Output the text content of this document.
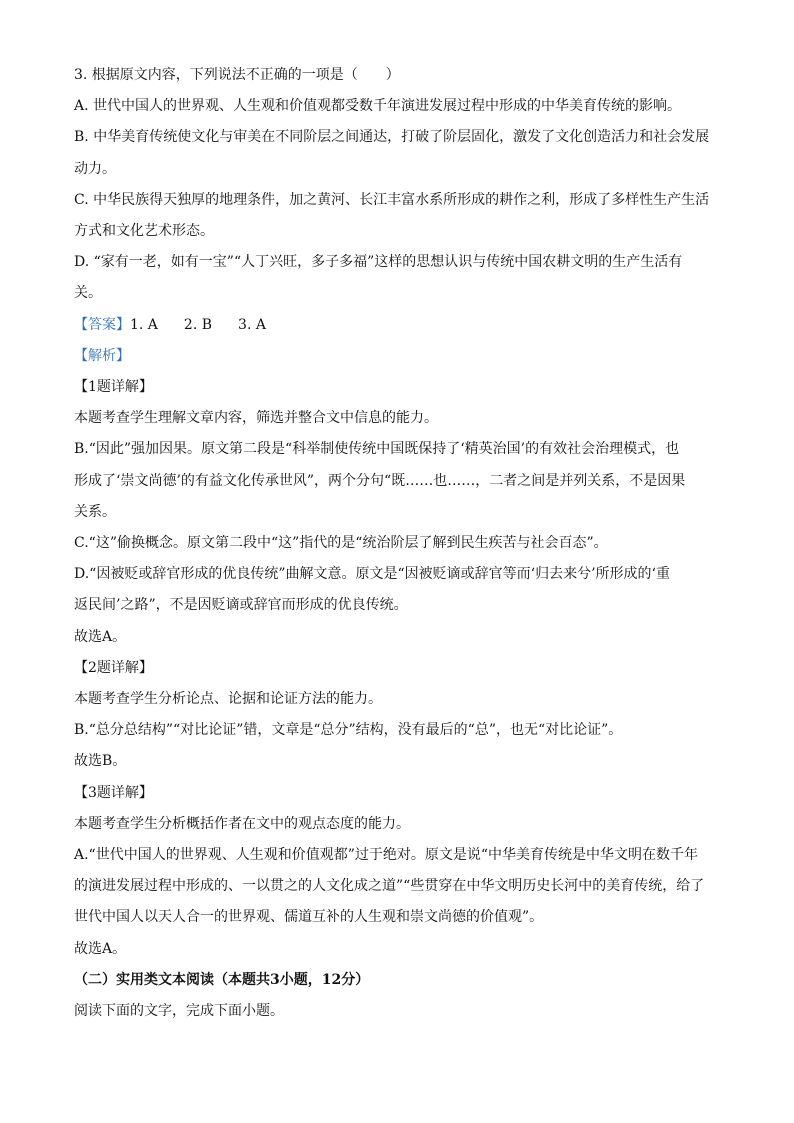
3. 根据原文内容，下列说法不正确的一项是（　　）

A. 世代中国人的世界观、人生观和价值观都受数千年演进发展过程中形成的中华美育传统的影响。

B. 中华美育传统使文化与审美在不同阶层之间通达，打破了阶层固化，激发了文化创造活力和社会发展

动力。

C. 中华民族得天独厚的地理条件，加之黄河、长江丰富水系所形成的耕作之利，形成了多样性生产生活

方式和文化艺术形态。

D. “家有一老，如有一宝”“人丁兴旺，多子多福”这样的思想认识与传统中国农耕文明的生产生活有

关。

【答案】1. A 2. B 3. A

【解析】

【1题详解】

本题考查学生理解文章内容，筛选并整合文中信息的能力。

B.“因此”强加因果。原文第二段是“科举制使传统中国既保持了‘精英治国’的有效社会治理模式，也

形成了‘崇文尚德’的有益文化传承世风”，两个分句“既……也……，二者之间是并列关系，不是因果

关系。

C.“这”偷换概念。原文第二段中“这”指代的是“统治阶层了解到民生疾苦与社会百态”。

D.“因被贬或辞官形成的优良传统”曲解文意。原文是“因被贬谪或辞官等而‘归去来兮’所形成的‘重

返民间’之路”，不是因贬谪或辞官而形成的优良传统。

故选A。

【2题详解】

本题考查学生分析论点、论据和论证方法的能力。

B.“总分总结构”“对比论证”错，文章是“总分”结构，没有最后的“总”，也无“对比论证”。

故选B。

【3题详解】

本题考查学生分析概括作者在文中的观点态度的能力。

A.“世代中国人的世界观、人生观和价值观都”过于绝对。原文是说“中华美育传统是中华文明在数千年

的演进发展过程中形成的、一以贯之的人文化成之道”“些贯穿在中华文明历史长河中的美育传统，给了

世代中国人以天人合一的世界观、儒道互补的人生观和崇文尚德的价值观”。

故选A。

（二）实用类文本阅读（本题共3小题，12分）

阅读下面的文字，完成下面小题。
